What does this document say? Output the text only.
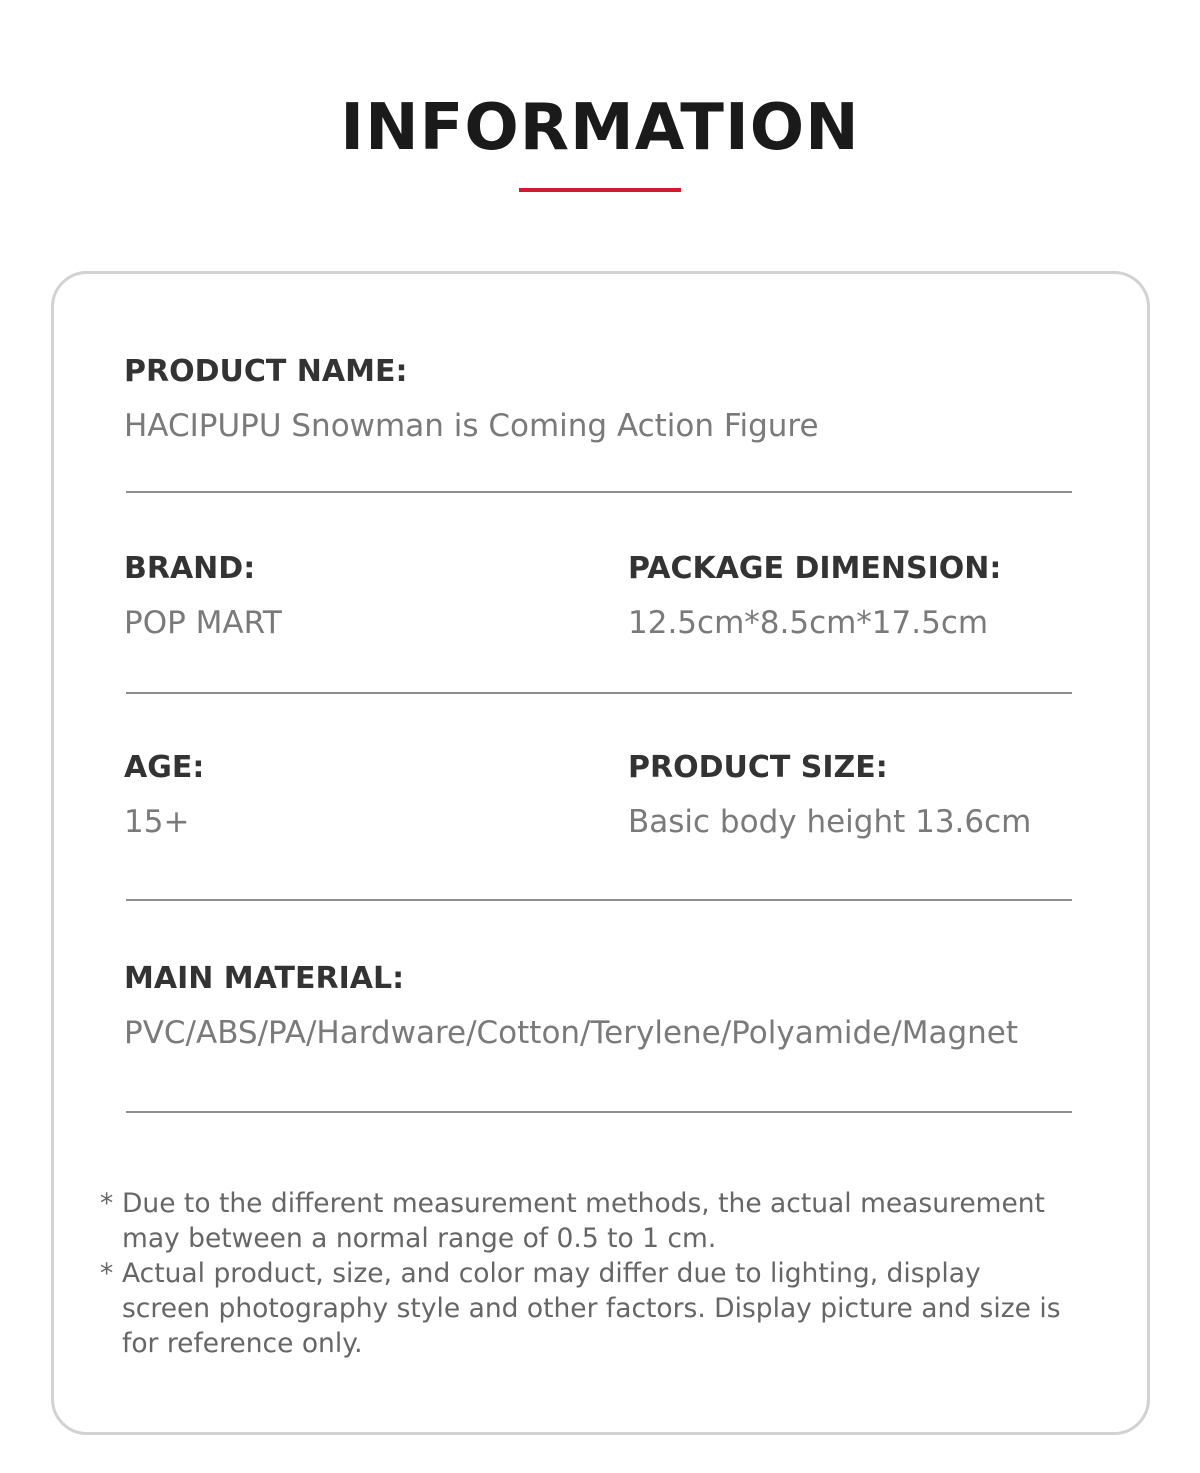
INFORMATION
PRODUCT NAME:
HACIPUPU Snowman is Coming Action Figure
BRAND:
POP MART
PACKAGE DIMENSION:
12.5cm*8.5cm*17.5cm
AGE:
15+
PRODUCT SIZE:
Basic body height 13.6cm
MAIN MATERIAL:
PVC/ABS/PA/Hardware/Cotton/Terylene/Polyamide/Magnet
* Due to the different measurement methods, the actual measurement
may between a normal range of 0.5 to 1 cm.
* Actual product, size, and color may differ due to lighting, display
screen photography style and other factors. Display picture and size is
for reference only.
